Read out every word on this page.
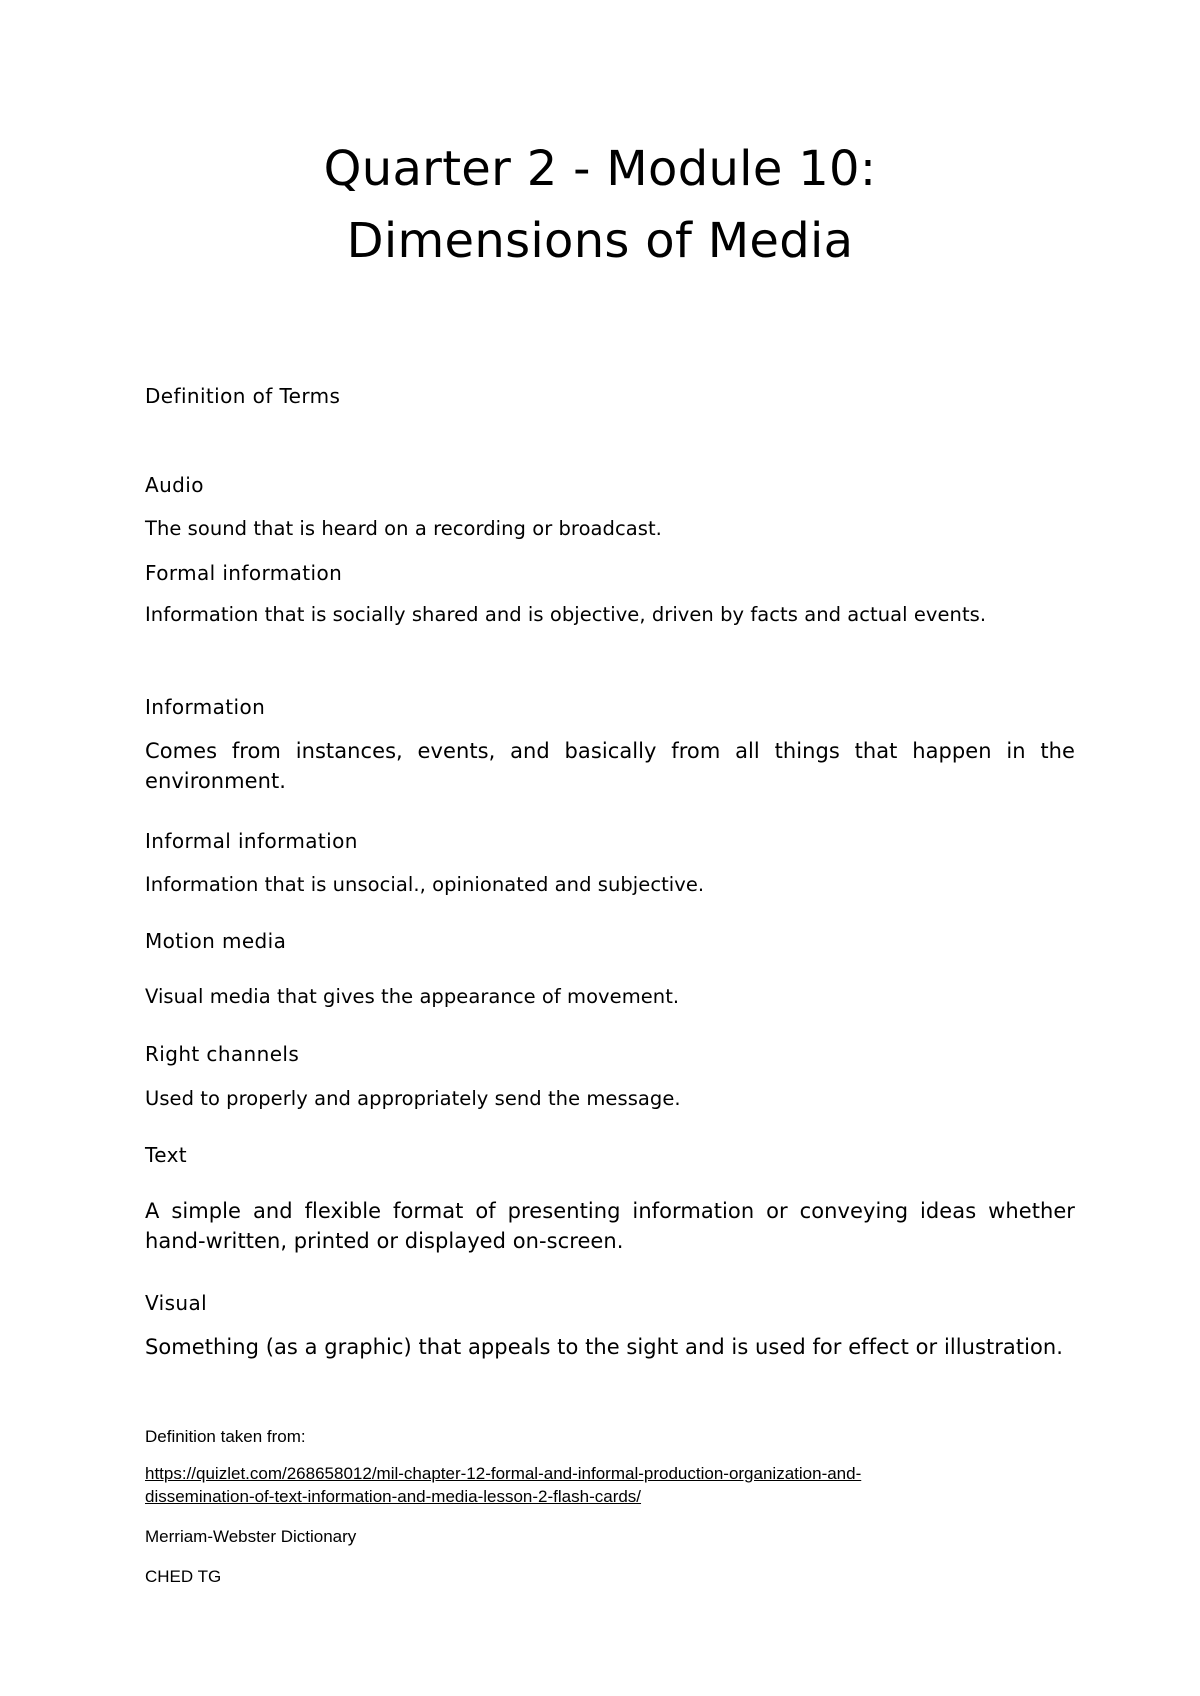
Quarter 2 - Module 10:
Dimensions of Media
Definition of Terms
Audio
The sound that is heard on a recording or broadcast.
Formal information
Information that is socially shared and is objective, driven by facts and actual events.
Information
Comes from instances, events, and basically from all things that happen in the environment.
Informal information
Information that is unsocial., opinionated and subjective.
Motion media
Visual media that gives the appearance of movement.
Right channels
Used to properly and appropriately send the message.
Text
A simple and flexible format of presenting information or conveying ideas whether hand-written, printed or displayed on-screen.
Visual
Something (as a graphic) that appeals to the sight and is used for effect or illustration.
Definition taken from:
https://quizlet.com/268658012/mil-chapter-12-formal-and-informal-production-organization-and-
dissemination-of-text-information-and-media-lesson-2-flash-cards/
Merriam-Webster Dictionary
CHED TG
